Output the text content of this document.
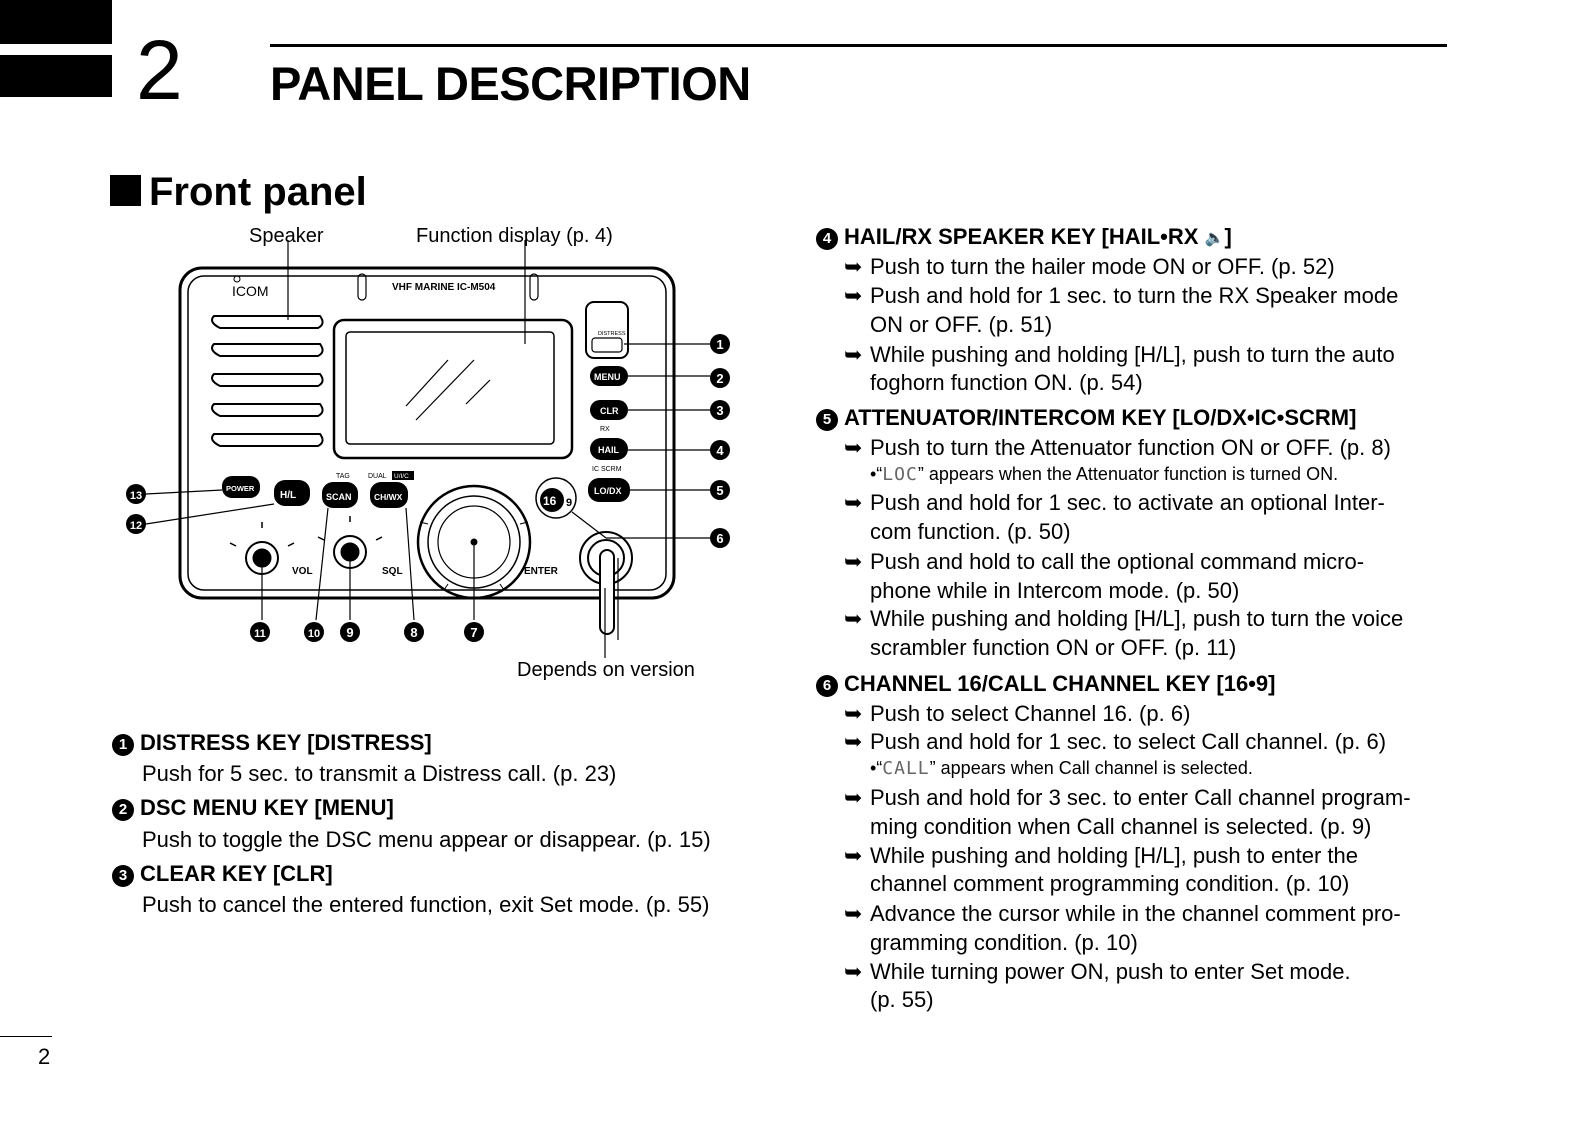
2 PANEL DESCRIPTION
Front panel
Speaker	Function display (p. 4)
Depends on version
ICOM	VHF MARINE IC-M504
DISTRESS
MENU
CLR
RX
HAIL
IC SCRM
LO/DX
POWER
H/L
TAG
SCAN
DUAL U/I/C
CH/WX	16 9
ENTER
VOL	SQL
1
2
3
4
5
6
7
8
9
10
11
12
13
1 DISTRESS KEY [DISTRESS]
Push for 5 sec. to transmit a Distress call. (p. 23)
2 DSC MENU KEY [MENU]
Push to toggle the DSC menu appear or disappear. (p. 15)
3 CLEAR KEY [CLR]
Push to cancel the entered function, exit Set mode. (p. 55)
4 HAIL/RX SPEAKER KEY [HAIL•RX 🔈]
➥ Push to turn the hailer mode ON or OFF. (p. 52)
➥ Push and hold for 1 sec. to turn the RX Speaker mode
ON or OFF. (p. 51)
➥ While pushing and holding [H/L], push to turn the auto
foghorn function ON. (p. 54)
5 ATTENUATOR/INTERCOM KEY [LO/DX•IC•SCRM]
➥ Push to turn the Attenuator function ON or OFF. (p. 8)
•“LOC” appears when the Attenuator function is turned ON.
➥ Push and hold for 1 sec. to activate an optional Inter-
com function. (p. 50)
➥ Push and hold to call the optional command micro-
phone while in Intercom mode. (p. 50)
➥ While pushing and holding [H/L], push to turn the voice
scrambler function ON or OFF. (p. 11)
6 CHANNEL 16/CALL CHANNEL KEY [16•9]
➥ Push to select Channel 16. (p. 6)
➥ Push and hold for 1 sec. to select Call channel. (p. 6)
•“CALL” appears when Call channel is selected.
➥ Push and hold for 3 sec. to enter Call channel program-
ming condition when Call channel is selected. (p. 9)
➥ While pushing and holding [H/L], push to enter the
channel comment programming condition. (p. 10)
➥ Advance the cursor while in the channel comment pro-
gramming condition. (p. 10)
➥ While turning power ON, push to enter Set mode.
(p. 55)
2
